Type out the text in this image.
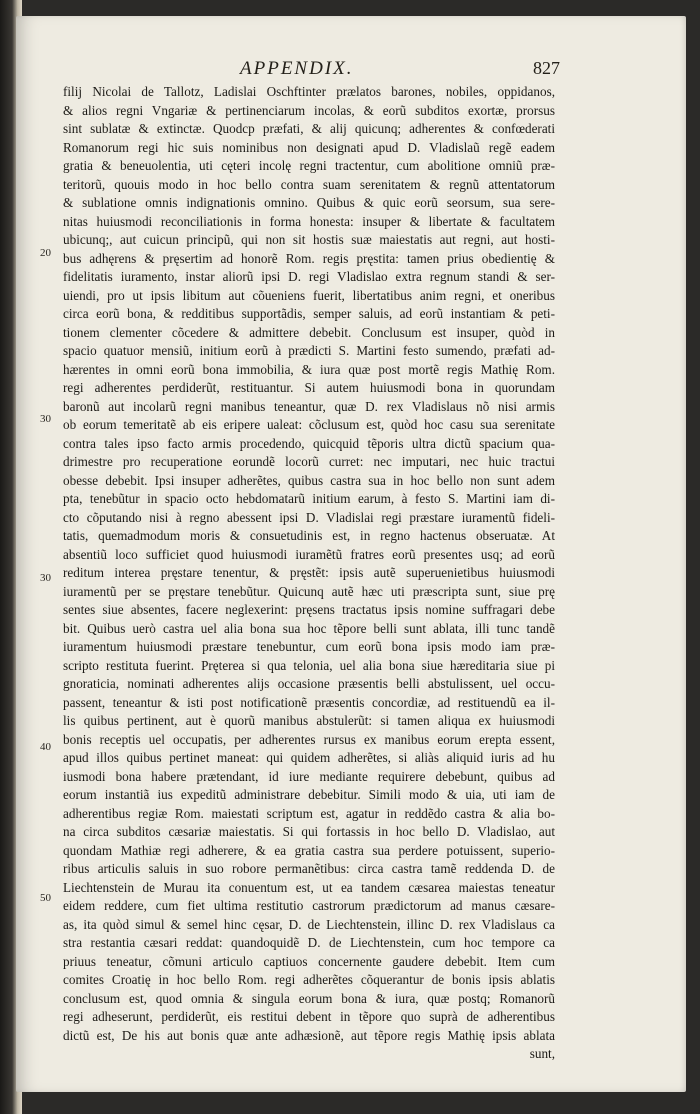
APPENDIX.	827
20
30
30
40
50
filij Nicolai de Tallotz, Ladislai Oschftinter prælatos barones, nobiles, oppidanos,
& alios regni Vngariæ & pertinenciarum incolas, & eorũ subditos exortæ, prorsus
sint sublatæ & extinctæ. Quodcp præfati, & alij quicunq; adherentes & confœderati
Romanorum regi hic suis nominibus non designati apud D. Vladislaũ regẽ eadem
gratia & beneuolentia, uti cęteri incolę regni tractentur, cum abolitione omniũ præ-
teritorũ, quouis modo in hoc bello contra suam serenitatem & regnũ attentatorum
& sublatione omnis indignationis omnino. Quibus & quic eorũ seorsum, sua sere-
nitas huiusmodi reconciliationis in forma honesta: insuper & libertate & facultatem
ubicunq;, aut cuicun principũ, qui non sit hostis suæ maiestatis aut regni, aut hosti-
bus adhęrens & pręsertim ad honorẽ Rom. regis pręstita: tamen prius obedientię &
fidelitatis iuramento, instar aliorũ ipsi D. regi Vladislao extra regnum standi & ser-
uiendi, pro ut ipsis libitum aut cõueniens fuerit, libertatibus anim regni, et oneribus
circa eorũ bona, & redditibus supportãdis, semper saluis, ad eorũ instantiam & peti-
tionem clementer cõcedere & admittere debebit. Conclusum est insuper, quòd in
spacio quatuor mensiũ, initium eorũ à prædicti S. Martini festo sumendo, præfati ad-
hærentes in omni eorũ bona immobilia, & iura quæ post mortẽ regis Mathię Rom.
regi adherentes perdiderũt, restituantur. Si autem huiusmodi bona in quorundam
baronũ aut incolarũ regni manibus teneantur, quæ D. rex Vladislaus nõ nisi armis
ob eorum temeritatẽ ab eis eripere ualeat: cõclusum est, quòd hoc casu sua serenitate
contra tales ipso facto armis procedendo, quicquid tẽporis ultra dictũ spacium qua-
drimestre pro recuperatione eorundẽ locorũ curret: nec imputari, nec huic tractui
obesse debebit. Ipsi insuper adherẽtes, quibus castra sua in hoc bello non sunt adem
pta, tenebũtur in spacio octo hebdomatarũ initium earum, à festo S. Martini iam di-
cto cõputando nisi à regno abessent ipsi D. Vladislai regi præstare iuramentũ fideli-
tatis, quemadmodum moris & consuetudinis est, in regno hactenus obseruatæ. At
absentiũ loco sufficiet quod huiusmodi iuramẽtũ fratres eorũ presentes usq; ad eorũ
reditum interea pręstare tenentur, & pręstẽt: ipsis autẽ superuenietibus huiusmodi
iuramentũ per se pręstare tenebũtur. Quicunq autẽ hæc uti præscripta sunt, siue prę
sentes siue absentes, facere neglexerint: pręsens tractatus ipsis nomine suffragari debe
bit. Quibus uerò castra uel alia bona sua hoc tẽpore belli sunt ablata, illi tunc tandẽ
iuramentum huiusmodi præstare tenebuntur, cum eorũ bona ipsis modo iam præ-
scripto restituta fuerint. Pręterea si qua telonia, uel alia bona siue hæreditaria siue pi
gnoraticia, nominati adherentes alijs occasione præsentis belli abstulissent, uel occu-
passent, teneantur & isti post notificationẽ præsentis concordiæ, ad restituendũ ea il-
lis quibus pertinent, aut è quorũ manibus abstulerũt: si tamen aliqua ex huiusmodi
bonis receptis uel occupatis, per adherentes rursus ex manibus eorum erepta essent,
apud illos quibus pertinet maneat: qui quidem adherẽtes, si aliàs aliquid iuris ad hu
iusmodi bona habere prætendant, id iure mediante requirere debebunt, quibus ad
eorum instantiã ius expeditũ administrare debebitur. Simili modo & uia, uti iam de
adherentibus regiæ Rom. maiestati scriptum est, agatur in reddẽdo castra & alia bo-
na circa subditos cæsariæ maiestatis. Si qui fortassis in hoc bello D. Vladislao, aut
quondam Mathiæ regi adherere, & ea gratia castra sua perdere potuissent, superio-
ribus articulis saluis in suo robore permanẽtibus: circa castra tamẽ reddenda D. de
Liechtenstein de Murau ita conuentum est, ut ea tandem cæsarea maiestas teneatur
eidem reddere, cum fiet ultima restitutio castrorum prædictorum ad manus cæsare-
as, ita quòd simul & semel hinc cęsar, D. de Liechtenstein, illinc D. rex Vladislaus ca
stra restantia cæsari reddat: quandoquidẽ D. de Liechtenstein, cum hoc tempore ca
priuus teneatur, cõmuni articulo captiuos concernente gaudere debebit. Item cum
comites Croatię in hoc bello Rom. regi adherẽtes cõquerantur de bonis ipsis ablatis
conclusum est, quod omnia & singula eorum bona & iura, quæ postq; Romanorũ
regi adheserunt, perdiderũt, eis restitui debent in tẽpore quo suprà de adherentibus
dictũ est, De his aut bonis quæ ante adhæsionẽ, aut tẽpore regis Mathię ipsis ablata
sunt,
